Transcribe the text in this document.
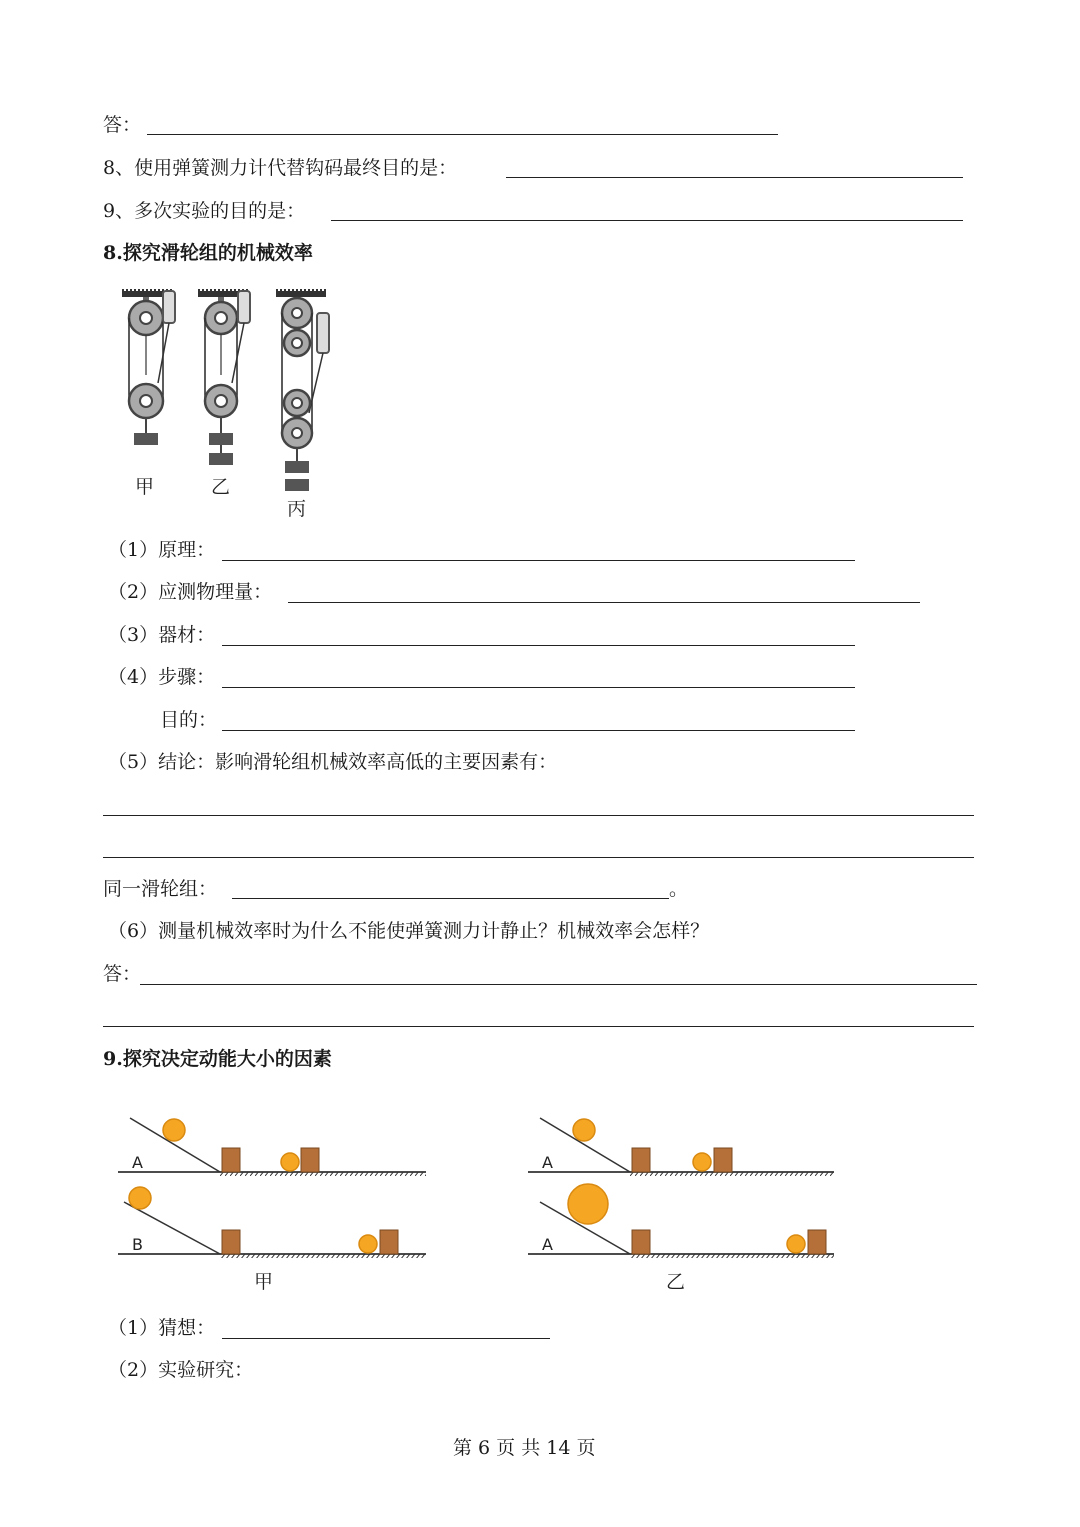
答：
8、使用弹簧测力计代替钩码最终目的是：
9、多次实验的目的是：
8.探究滑轮组的机械效率
甲	乙
丙
（1）原理：
（2）应测物理量：
（3）器材：
（4）步骤：
目的：
（5）结论：影响滑轮组机械效率高低的主要因素有：
同一滑轮组：	。
（6）测量机械效率时为什么不能使弹簧测力计静止？机械效率会怎样？
答：
9.探究决定动能大小的因素
A
B
A
A
甲	乙
（1）猜想：
（2）实验研究：
第 6 页 共 14 页
